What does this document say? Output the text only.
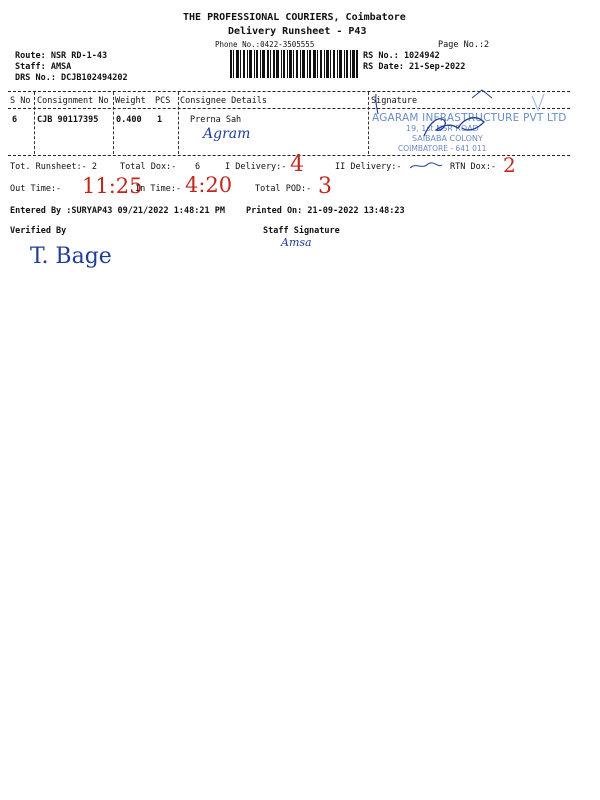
THE PROFESSIONAL COURIERS, Coimbatore
Delivery Runsheet - P43
Phone No.:0422-3505555	Page No.:2
Route: NSR RD-1-43
Staff: AMSA
DRS No.: DCJB102494202
RS No.: 1024942
RS Date: 21-Sep-2022
S No Consignment No Weight PCS Consignee Details	Signature
6 CJB 90117395 0.400 1	Prerna Sah
Agram
AGARAM INFRASTRUCTURE PVT LTD
19, 1st NSR ROAD
SAIBABA COLONY
COIMBATORE - 641 011
Tot. Runsheet:- 2	Total Dox:- 6	I Delivery:- 4	II Delivery:-	RTN Dox:- 2
Out Time:- 11:25
In Time:- 4:20	Total POD:- 3
Entered By :SURYAP43 09/21/2022 1:48:21 PM Printed On: 21-09-2022 13:48:23
Verified By	Staff Signature
Amsa
T. Bage
